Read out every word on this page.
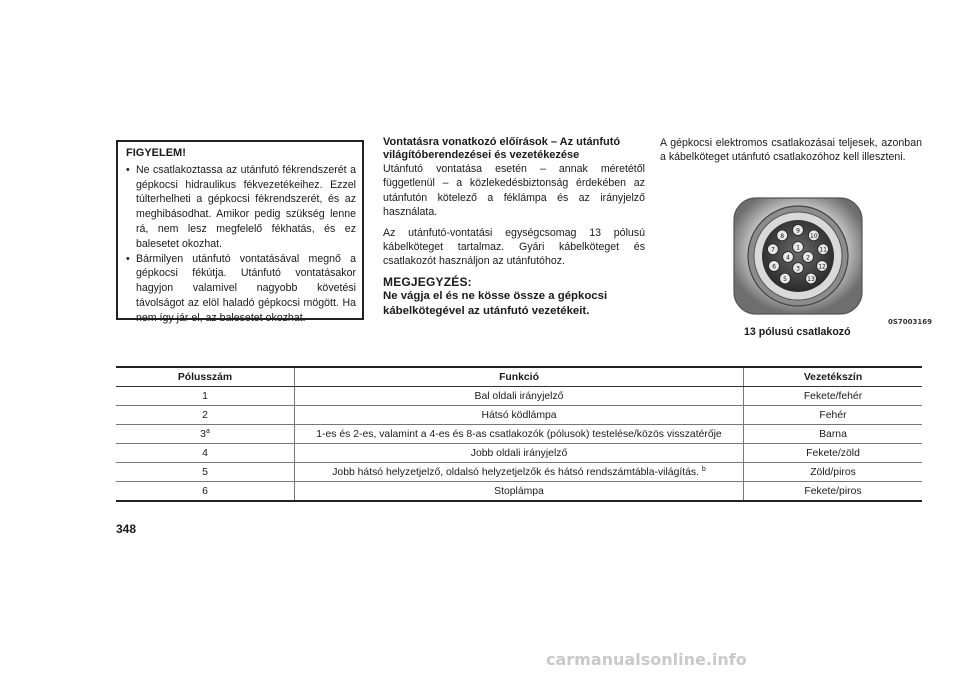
FIGYELEM!
• Ne csatlakoztassa az utánfutó fékrendszerét a gépkocsi hidraulikus fékvezetékeihez. Ezzel túlterhelheti a gépkocsi fékrendszerét, és az meghibásodhat. Amikor pedig szükség lenne rá, nem lesz megfelelő fékhatás, és ez balesetet okozhat.
• Bármilyen utánfutó vontatásával megnő a gépkocsi fékútja. Utánfutó vontatásakor hagyjon valamivel nagyobb követési távolságot az elöl haladó gépkocsi mögött. Ha nem így jár el, az balesetet okozhat.
Vontatásra vonatkozó előírások – Az utánfutó világítóberendezései és vezetékezése

Utánfutó vontatása esetén – annak méretétől függetlenül – a közlekedésbiztonság érdekében az utánfutón kötelező a féklámpa és az irányjelző használata.

Az utánfutó-vontatási egységcsomag 13 pólusú kábelköteget tartalmaz. Gyári kábelköteget és csatlakozót használjon az utánfutóhoz.

MEGJEGYZÉS:
Ne vágja el és ne kösse össze a gépkocsi kábelkötegével az utánfutó vezetékeit.
A gépkocsi elektromos csatlakozásai teljesek, azonban a kábelköteget utánfutó csatlakozóhoz kell illeszteni.
1
2
3
4
5
6
7
8
9
10
11
12
13
0S7003169
13 pólusú csatlakozó
Pólusszám	Funkció	Vezetékszín
1	Bal oldali irányjelző	Fekete/fehér
2	Hátsó ködlámpa	Fehér
3$^a$	1-es és 2-es, valamint a 4-es és 8-as csatlakozók (pólusok) testelése/közös visszatérője	Barna
4	Jobb oldali irányjelző	Fekete/zöld
5	Jobb hátsó helyzetjelző, oldalsó helyzetjelzők és hátsó rendszámtábla-világítás. $^b$	Zöld/piros
6	Stoplámpa	Fekete/piros
348
carmanualsonline.info
